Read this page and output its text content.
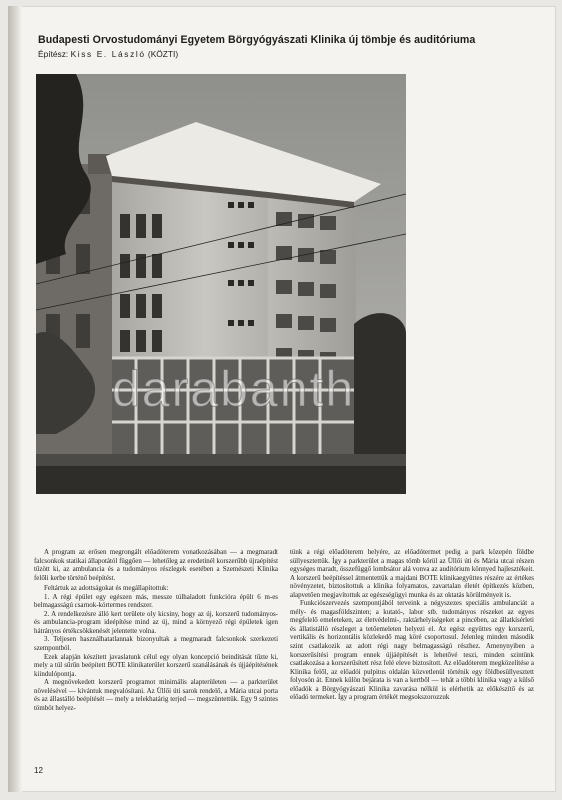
Budapesti Orvostudományi Egyetem Börgyógyászati Klinika új tömbje és auditóriuma
Építész: Kiss E. László (KÖZTI)
darabanth

A program az erősen megrongált előadóterem vonatkozásában — a megmaradt falcsonkok statikai állapotától függően — lehetőleg az eredetinél korszerűbb újraépítést tűzött ki, az ambulancia és a tudományos részlegek esetében a Szemészeti Klinika felőli kerbe történő beépítést.

Feltártuk az adottságokat és megállapítottuk:

1. A régi épület egy egészen más, messze túlhaladott funkcióra épült 6 m-es belmagasságú csarnok-kórtermes rendszer.

2. A rendelkezésre álló kert területe oly kicsiny, hogy az új, korszerű tudományos- és ambulancia-program ideépítése mind az új, mind a környező régi épületek igen hátrányos értékcsökkenését jelentette volna.

3. Teljesen használhatatlannak bizonyultak a megmaradt falcsonkok szerkezeti szempontból.

Ezek alapján készített javaslatunk célul egy olyan koncepció beindítását tűzte ki, mely a túl sűrűn beépített BOTE klinikaterület korszerű szanálásának és újjáépítésének kiindulópontja.

A megnövekedett korszerű programot minimális alapterületen — a parkterület növelésével — kívántuk megvalósítani. Az Üllői úti sarok rendelő, a Mária utcai porta és az állastálló beépítését — mely a telekhatárig terjed — megszüntettük. Egy 9 szintes tömböt helyez-

tünk a régi előadóterem helyére, az előadótermet pedig a park közepén földbe süllyesztettük. Így a parkterület a magas tömb körül az Üllői úti és Mária utcai részen egységes maradt, összefüggő lombsátor alá vonva az auditórium könnyed hajlesztékeit. A korszerű beépítéssel átmentettük a majdani BOTE klinikaegyüttes részére az értékes növényzetet, biztosítottuk a klinika folyamatos, zavartalan életét építkezés közben, alapvetően megjavítottuk az egészségügyi munka és az oktatás körülményeit is.

Funkciószervezés szempontjából terveink a négyszezes speciális ambulanciát a mély- és magasföldszinten; a kutató-, labor stb. tudományos részeket az egyes megfelelő emeleteken, az életvédelmi-, raktárhelyiségeket a pincében, az állatkísérleti és állatistálló részleget a tetőemeleten helyezi el. Az egész együttes egy korszerű, vertikális és horizontális közlekedő mag köré csoportosul. Jelenleg minden második szint csatlakozik az adott régi nagy belmagasságú részhez. Amenynyiben a korszerűsítési program ennek újjáépítését is lehetővé teszi, minden szintünk csatlakozása a korszerűsített rész felé eleve biztosított. Az előadóterem megközelítése a Klinika felől, az előadói pulpitus oldalán közvetlenül történik egy földbesüllyesztett folyosón át. Ennek külön bejárata is van a kertből — tehát a többi klinika vagy a külső előadók a Börgyógyászati Klinika zavarása nélkül is elérhetik az előkészítő és az előadó termeket. Így a program értékét megsokszorozzuk

12
